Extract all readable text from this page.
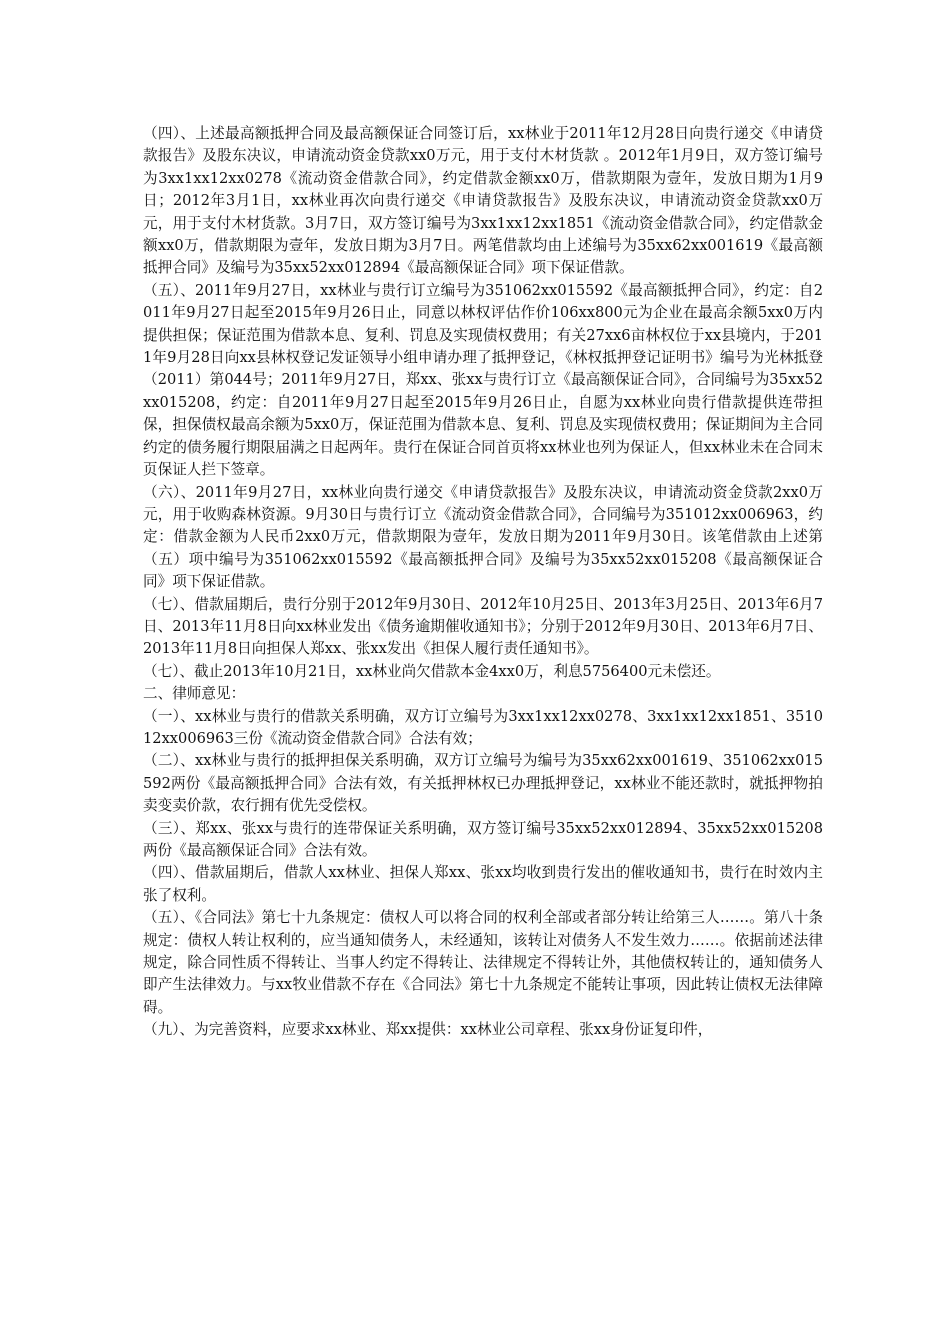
（四）、上述最高额抵押合同及最高额保证合同签订后，xx林业于2011年12月28日向贵行递交《申请贷款报告》及股东决议，申请流动资金贷款xx0万元，用于支付木材货款 。2012年1月9日，双方签订编号为3xx1xx12xx0278《流动资金借款合同》，约定借款金额xx0万，借款期限为壹年，发放日期为1月9日；2012年3月1日，xx林业再次向贵行递交《申请贷款报告》及股东决议，申请流动资金贷款xx0万元，用于支付木材货款。3月7日，双方签订编号为3xx1xx12xx1851《流动资金借款合同》，约定借款金额xx0万，借款期限为壹年，发放日期为3月7日。两笔借款均由上述编号为35xx62xx001619《最高额抵押合同》及编号为35xx52xx012894《最高额保证合同》项下保证借款。

（五）、2011年9月27日，xx林业与贵行订立编号为351062xx015592《最高额抵押合同》，约定：自2011年9月27日起至2015年9月26日止，同意以林权评估作价106xx800元为企业在最高余额5xx0万内提供担保；保证范围为借款本息、复利、罚息及实现债权费用；有关27xx6亩林权位于xx县境内，于2011年9月28日向xx县林权登记发证领导小组申请办理了抵押登记，《林权抵押登记证明书》编号为光林抵登（2011）第044号；2011年9月27日，郑xx、张xx与贵行订立《最高额保证合同》，合同编号为35xx52xx015208，约定：自2011年9月27日起至2015年9月26日止，自愿为xx林业向贵行借款提供连带担保，担保债权最高余额为5xx0万，保证范围为借款本息、复利、罚息及实现债权费用；保证期间为主合同约定的债务履行期限届满之日起两年。贵行在保证合同首页将xx林业也列为保证人，但xx林业未在合同末页保证人拦下签章。

（六）、2011年9月27日，xx林业向贵行递交《申请贷款报告》及股东决议，申请流动资金贷款2xx0万元，用于收购森林资源。9月30日与贵行订立《流动资金借款合同》，合同编号为351012xx006963，约定：借款金额为人民币2xx0万元，借款期限为壹年，发放日期为2011年9月30日。该笔借款由上述第（五）项中编号为351062xx015592《最高额抵押合同》及编号为35xx52xx015208《最高额保证合同》项下保证借款。

（七）、借款届期后，贵行分别于2012年9月30日、2012年10月25日、2013年3月25日、2013年6月7日、2013年11月8日向xx林业发出《债务逾期催收通知书》；分别于2012年9月30日、2013年6月7日、2013年11月8日向担保人郑xx、张xx发出《担保人履行责任通知书》。

（七）、截止2013年10月21日，xx林业尚欠借款本金4xx0万，利息5756400元未偿还。

二、律师意见：

（一）、xx林业与贵行的借款关系明确，双方订立编号为3xx1xx12xx0278、3xx1xx12xx1851、351012xx006963三份《流动资金借款合同》合法有效；

（二）、xx林业与贵行的抵押担保关系明确，双方订立编号为编号为35xx62xx001619、351062xx015592两份《最高额抵押合同》合法有效，有关抵押林权已办理抵押登记，xx林业不能还款时，就抵押物拍卖变卖价款，农行拥有优先受偿权。

（三）、郑xx、张xx与贵行的连带保证关系明确，双方签订编号35xx52xx012894、35xx52xx015208两份《最高额保证合同》合法有效。

（四）、借款届期后，借款人xx林业、担保人郑xx、张xx均收到贵行发出的催收通知书，贵行在时效内主张了权利。

（五）、《合同法》第七十九条规定：债权人可以将合同的权利全部或者部分转让给第三人……。第八十条规定：债权人转让权利的，应当通知债务人，未经通知，该转让对债务人不发生效力……。依据前述法律规定，除合同性质不得转让、当事人约定不得转让、法律规定不得转让外，其他债权转让的，通知债务人即产生法律效力。与xx牧业借款不存在《合同法》第七十九条规定不能转让事项，因此转让债权无法律障碍。

（九）、为完善资料，应要求xx林业、郑xx提供：xx林业公司章程、张xx身份证复印件，
